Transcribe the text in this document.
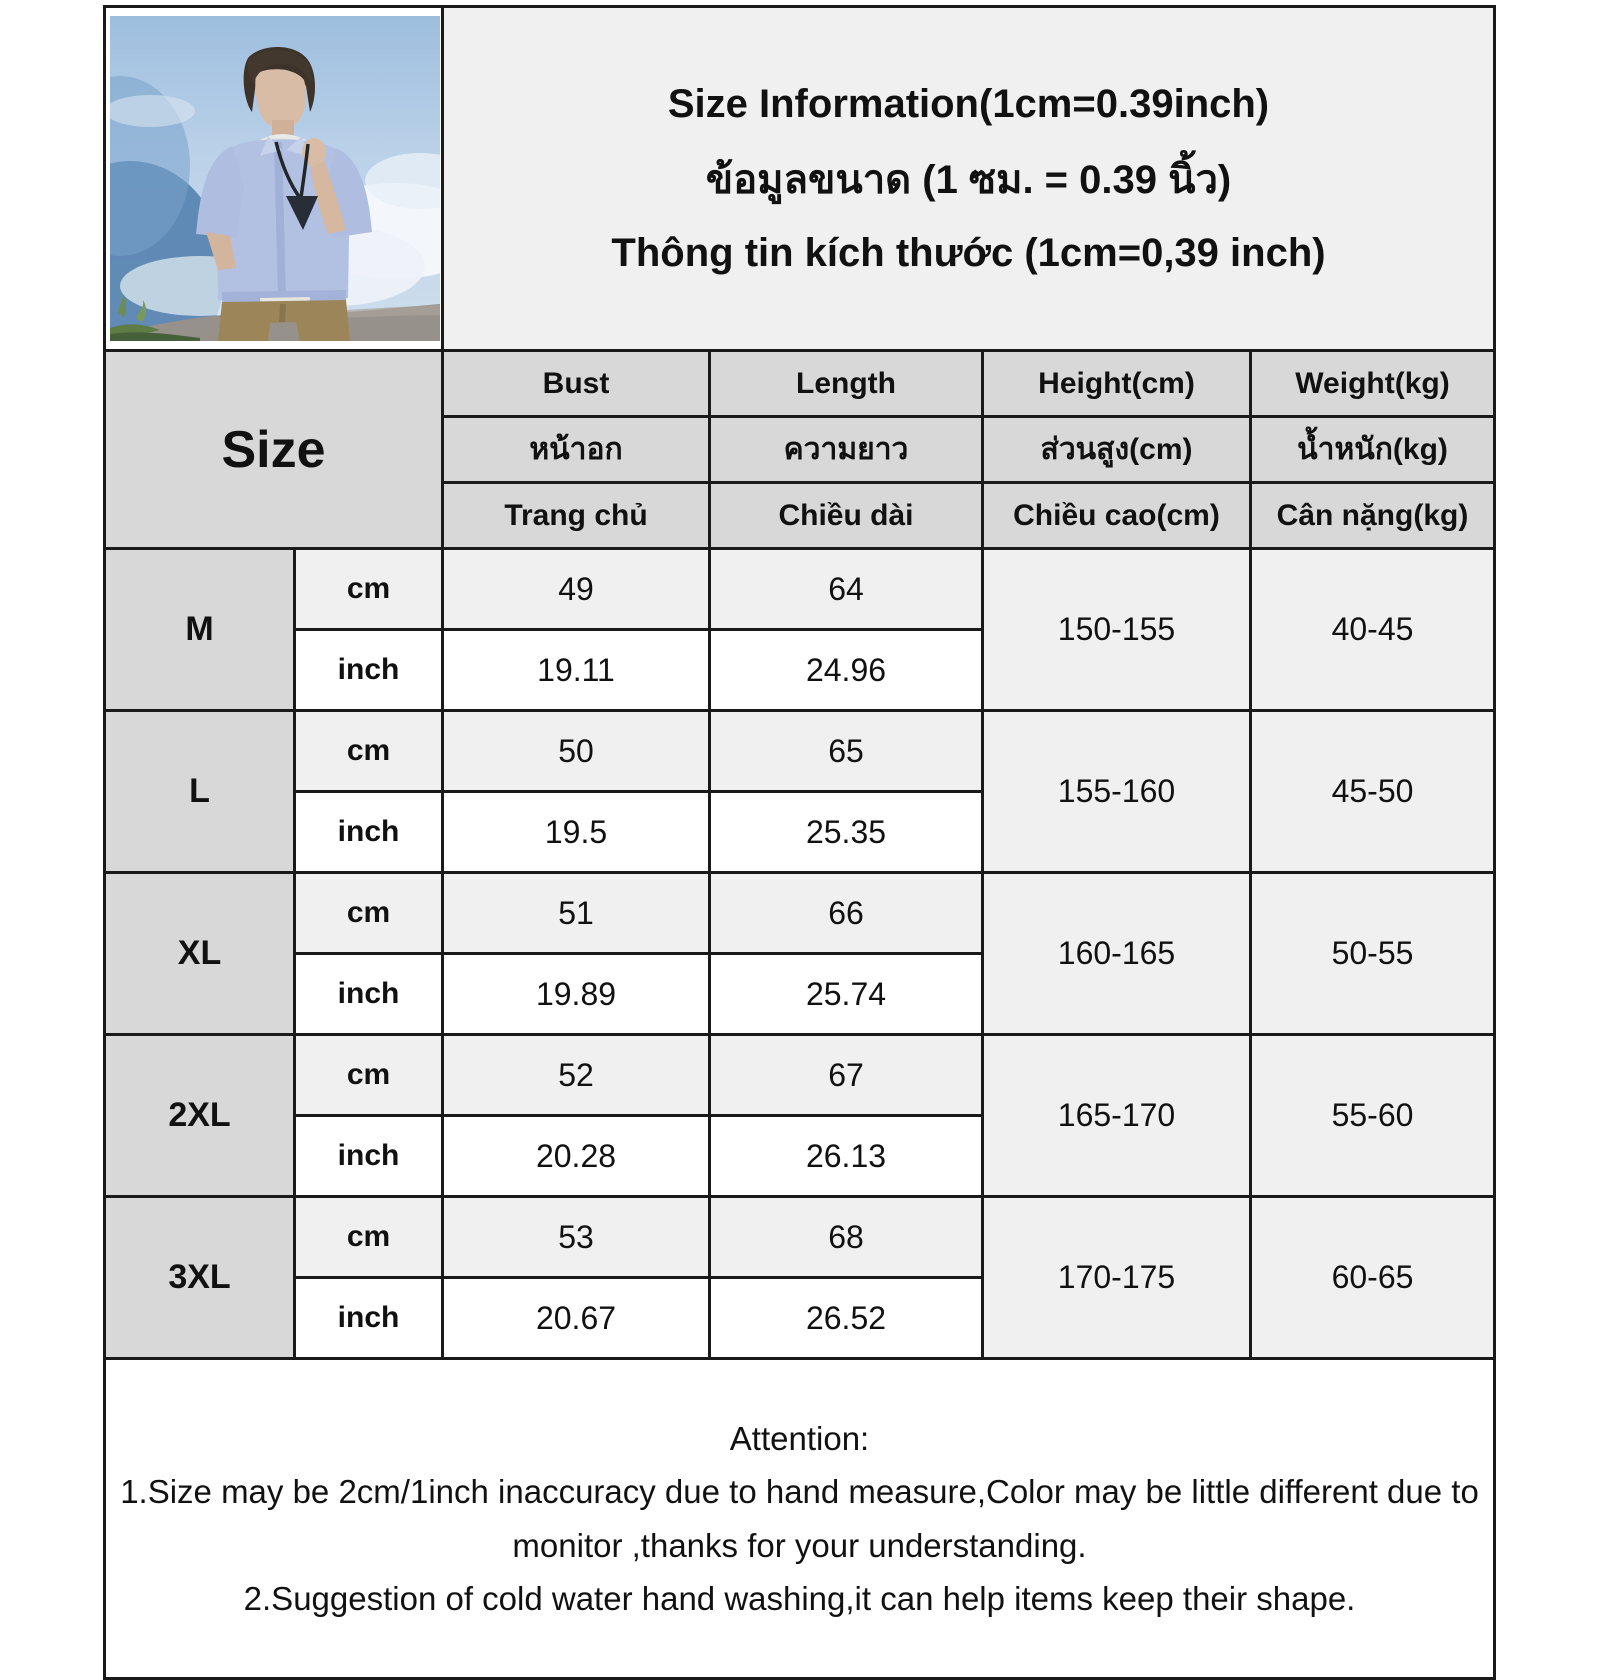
Size Information(1cm=0.39inch)
ข้อมูลขนาด (1 ซม. = 0.39 นิ้ว)
Thông tin kích thước (1cm=0,39 inch)			

Size		Bust	Length	Height(cm)	Weight(kg)
		หน้าอก	ความยาว	ส่วนสูง(cm)	น้ำหนัก(kg)
		Trang chủ	Chiều dài	Chiều cao(cm)	Cân nặng(kg)
M	cm	49	64	150-155	40-45
	inch	19.11	24.96		
L	cm	50	65	155-160	45-50
	inch	19.5	25.35		
XL	cm	51	66	160-165	50-55
	inch	19.89	25.74		
2XL	cm	52	67	165-170	55-60
	inch	20.28	26.13		
3XL	cm	53	68	170-175	60-65
	inch	20.67	26.52		

Attention:
1.Size may be 2cm/1inch inaccuracy due to hand measure,Color may be little different due to monitor ,thanks for your understanding.
2.Suggestion of cold water hand washing,it can help items keep their shape.					
